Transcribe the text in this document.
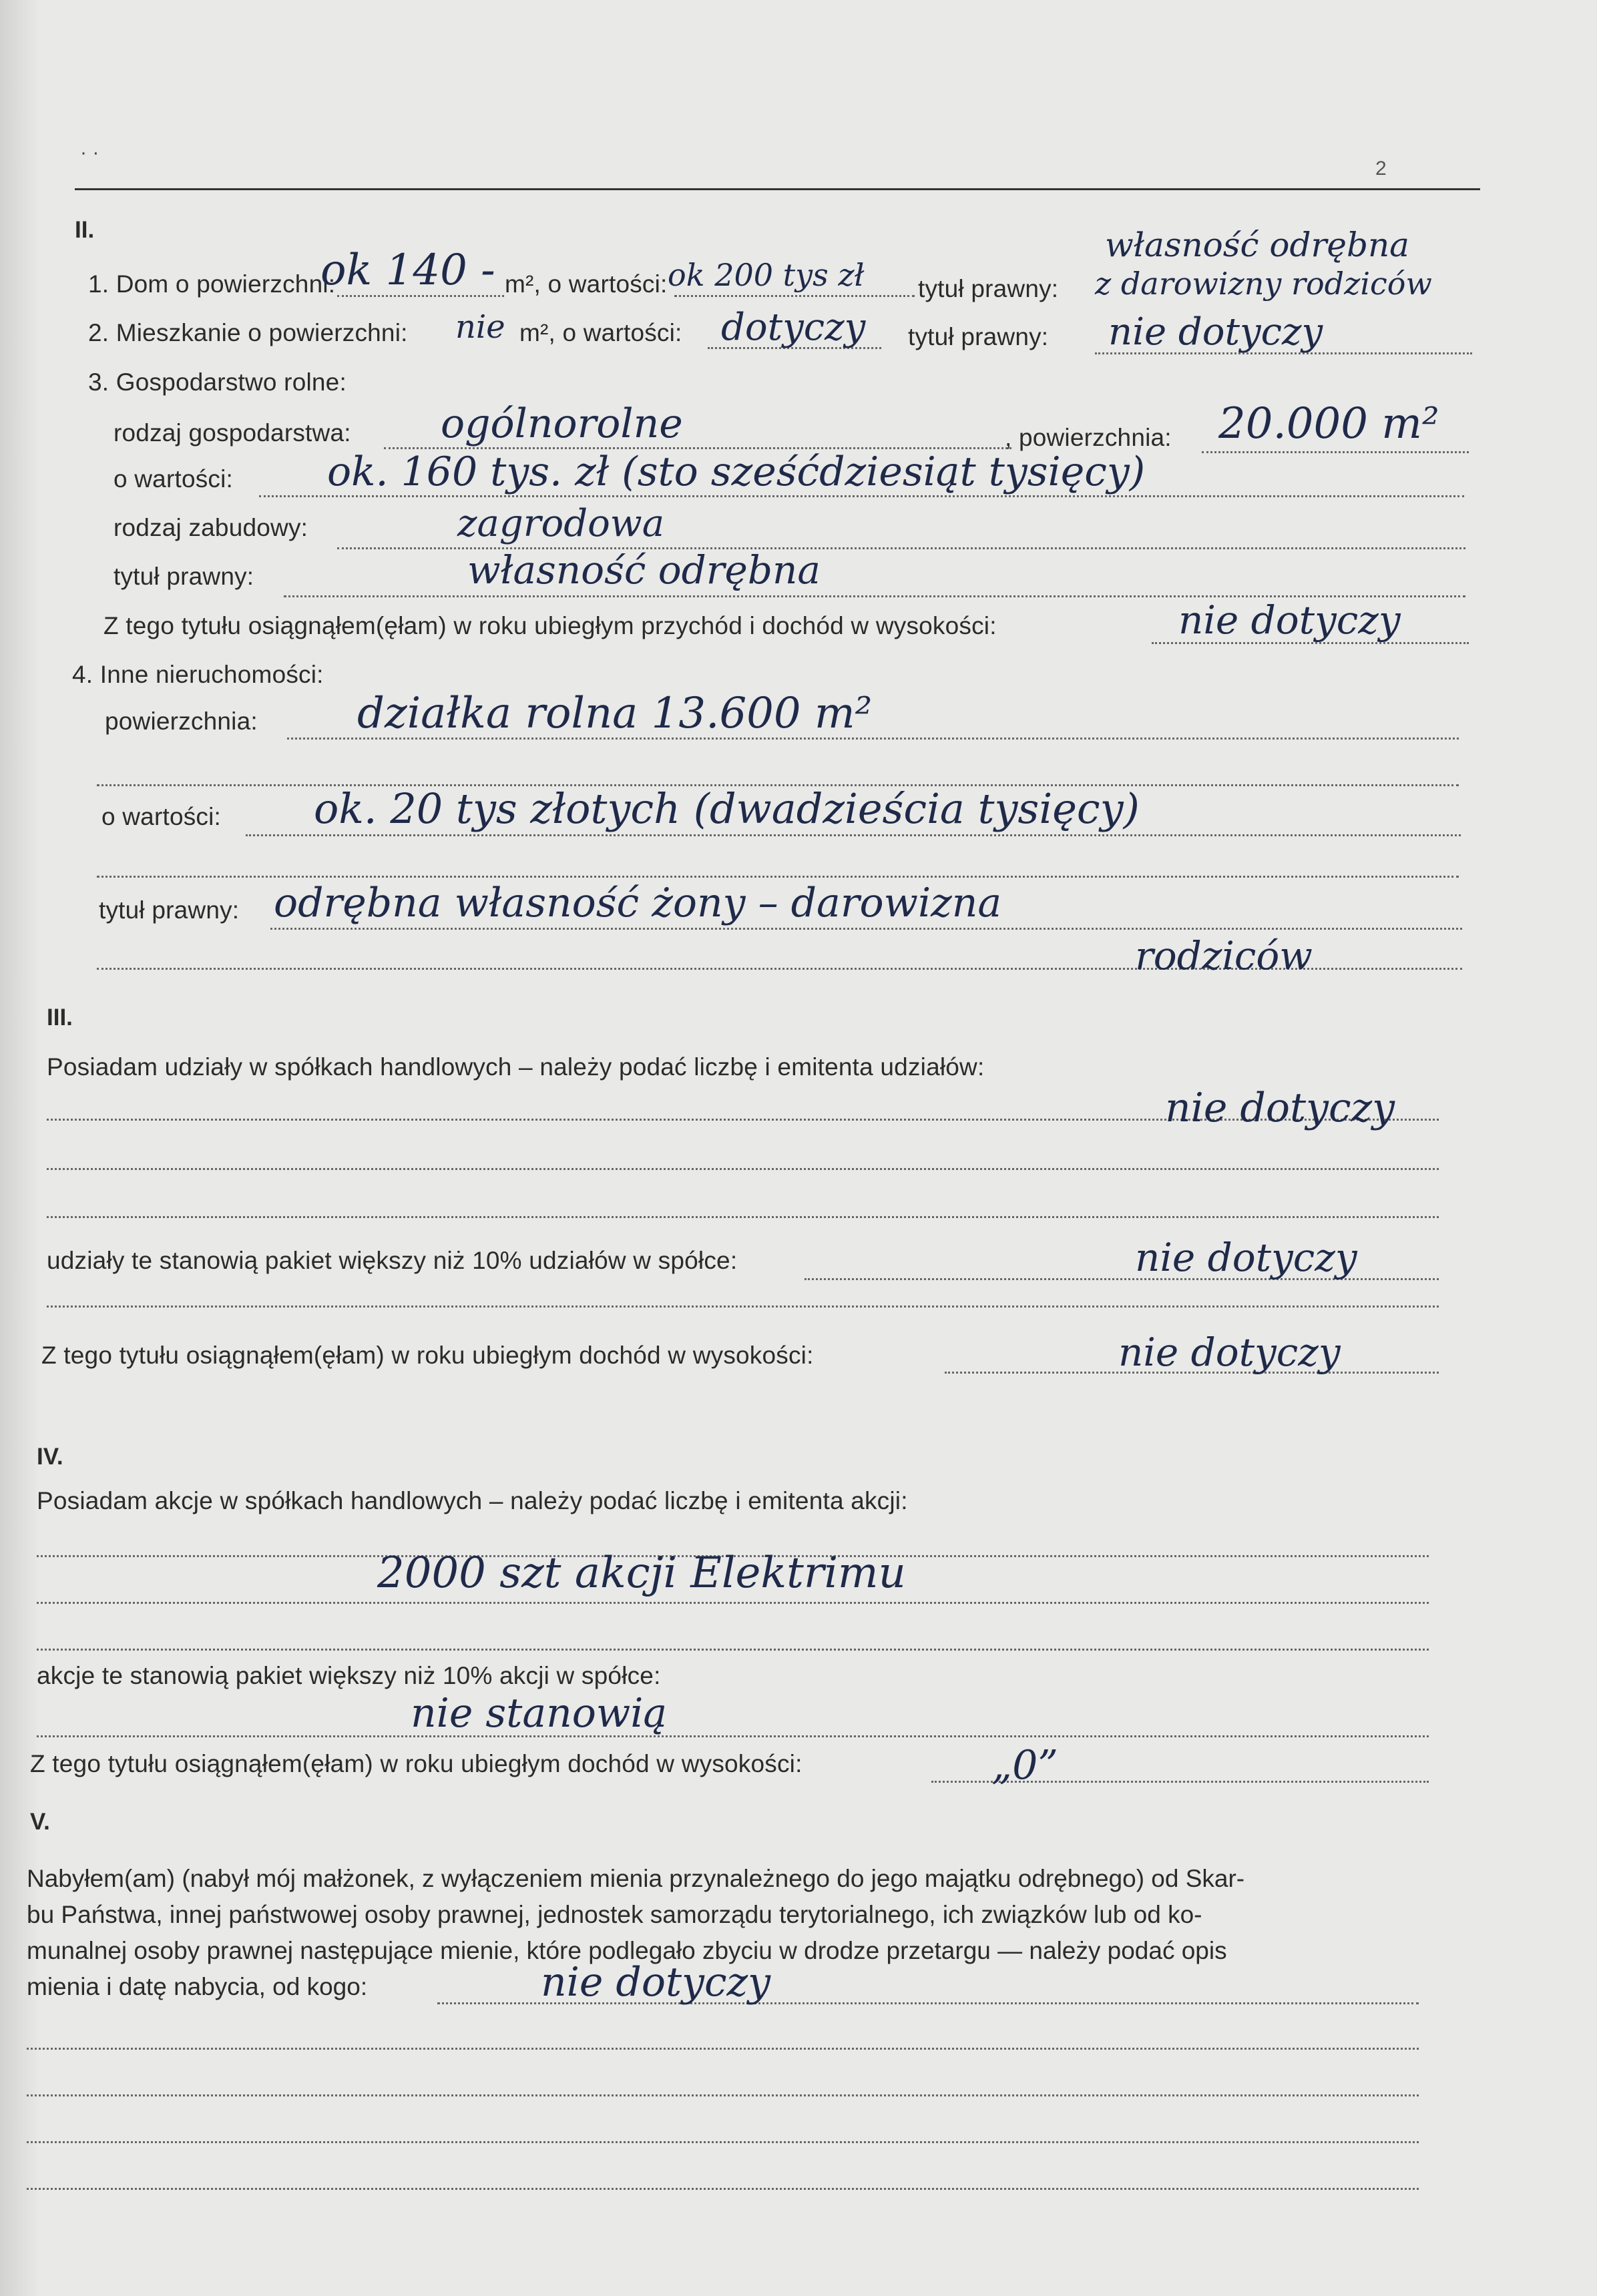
· ·
2
II.
1. Dom o powierzchni:
ok 140 - m², o wartości: ok 200 tys zł tytuł prawny:
własność odrębna
z darowizny rodziców
2. Mieszkanie o powierzchni: nie m², o wartości: dotyczy tytuł prawny: nie dotyczy
3. Gospodarstwo rolne:
rodzaj gospodarstwa: ogólnorolne	, powierzchnia: 20.000 m²
o wartości: ok. 160 tys. zł (sto sześćdziesiąt tysięcy)
rodzaj zabudowy:	zagrodowa
tytuł prawny:	własność odrębna
Z tego tytułu osiągnąłem(ęłam) w roku ubiegłym przychód i dochód w wysokości:	nie dotyczy
4. Inne nieruchomości:
powierzchnia: działka rolna 13.600 m²
o wartości: ok. 20 tys złotych (dwadzieścia tysięcy)
tytuł prawny: odrębna własność żony – darowizna
rodziców
III.
Posiadam udziały w spółkach handlowych – należy podać liczbę i emitenta udziałów:
nie dotyczy
udziały te stanowią pakiet większy niż 10% udziałów w spółce:	nie dotyczy
Z tego tytułu osiągnąłem(ęłam) w roku ubiegłym dochód w wysokości:	nie dotyczy
IV.
Posiadam akcje w spółkach handlowych – należy podać liczbę i emitenta akcji:
2000 szt akcji Elektrimu
akcje te stanowią pakiet większy niż 10% akcji w spółce:
nie stanowią
Z tego tytułu osiągnąłem(ęłam) w roku ubiegłym dochód w wysokości:	„0”
V.
Nabyłem(am) (nabył mój małżonek, z wyłączeniem mienia przynależnego do jego majątku odrębnego) od Skar-
bu Państwa, innej państwowej osoby prawnej, jednostek samorządu terytorialnego, ich związków lub od ko-
munalnej osoby prawnej następujące mienie, które podlegało zbyciu w drodze przetargu — należy podać opis
mienia i datę nabycia, od kogo:	nie dotyczy
